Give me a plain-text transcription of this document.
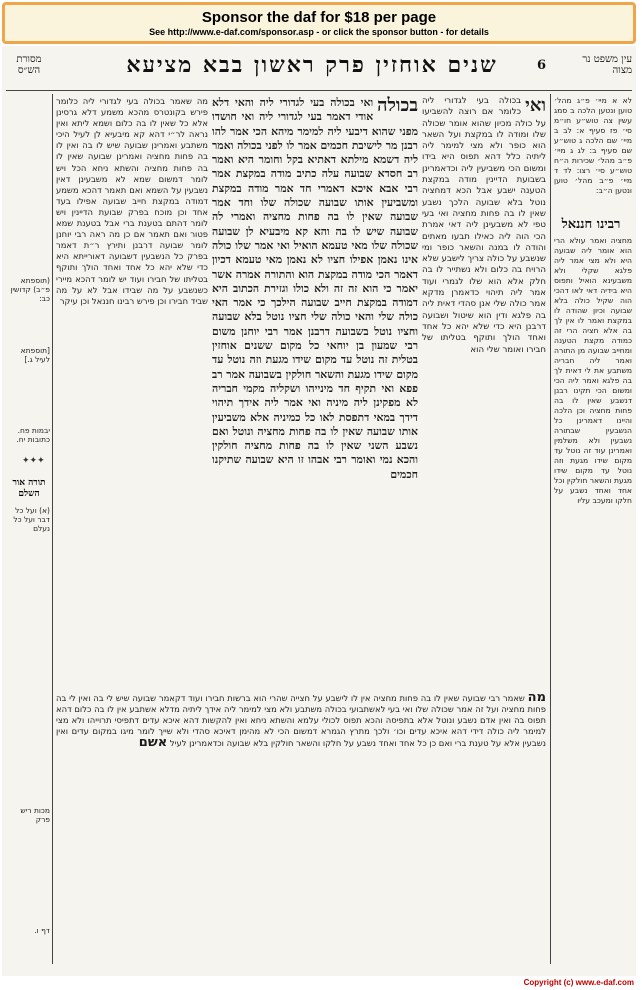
Sponsor the daf for $18 per page
See http://www.e-daf.com/sponsor.asp - or click the sponsor button - for details
עין משפט נר מצוה
6
שנים אוחזין פרק ראשון בבא מציעא
מסורת הש״ס
לא א מיי׳ פ״ג מהל׳ טוען ונטען הלכה ב סמג עשין צה טוש״ע חו״מ סי׳ פז סעיף א: לב ב מיי׳ שם הלכה ג טוש״ע שם סעיף ב: לג ג מיי׳ פ״ב מהל׳ שכירות ה״ח טוש״ע סי׳ רצו: לד ד מיי׳ פ״ב מהל׳ טוען ונטען ה״ב:
רבינו חננאל
מחציה ואמר עולא הרי הוא אומר ליה שבועה היא ולא מצי אמר ליה פלגא שקלי ולא משבעינא הואיל ותפוס היא בידיה דאי לאו דהכי הוה שקיל כולה בלא שבועה וכיון שהודה לו במקצת ואמר לו אין לך בה אלא חציה הרי זה כמודה מקצת הטענה ומחייב שבועה מן התורה ואמר ליה חבריה משתבע את לי דאית לך בה פלגא ואמר ליה הכי ומשום הכי תקינו רבנן דנשבע שאין לו בה פחות מחציה וכן הלכה והיינו דאמרינן כל הנשבעין שבתורה נשבעין ולא משלמין ואמרינן עוד זה נוטל עד מקום שידו מגעת וזה נוטל עד מקום שידו מגעת והשאר חולקין וכל אחד ואחד נשבע על חלקו ומעכב עליו
ואי
בכולה בעי לגדורי ליה כלומר אם רוצה להשביעו על כולה מכיון שהוא אומר שכולה שלו ומודה לו במקצת ועל השאר הוא כופר ולא מצי למימר ליה ליתיה כלל דהא תפוס היא בידו ומשום הכי משביעין ליה וכדאמרינן בשבועת הדיינין מודה במקצת הטענה ישבע אבל הכא דמחציה נוטל בלא שבועה הלכך נשבע שאין לו בה פחות מחציה ואי בעי טפי לא משבעינן ליה דאי אמרת הכי הוה ליה כאילו תבעו מאתים והודה לו במנה והשאר כופר ומי שנשבע על כולה צריך לישבע שלא הרויח בה כלום ולא נשתייר לו בה חלק אלא הוא שלו לגמרי ועוד אמר ליה תיהוי כדאמרן מדקא אמר כולה שלי אנן סהדי דאית ליה בה פלגא ודין הוא שיטול ושבועה דרבנן היא כדי שלא יהא כל אחד ואחד הולך ותוקף בטליתו של חבירו ואומר שלי הוא
בכולה
ואי בכולה בעי לגדורי ליה והאי דלא אודי דאמר בעי לגדורי ליה ואי חושדו מפני שהוא דיבעי ליה למימר מיהא הכי אמר להו רבנן מר לישיבת חכמים אמר לו לפני בכולה ואמר ליה דשמא מילתא דאתיא בקל וחומר היא ואמר רב חסדא שבועה עלה כתיב מודה במקצת אמר רבי אבא איכא דאמרי חד אמר מודה במקצת ומשביעין אותו שבועה שכולה שלו וחד אמר שבועה שאין לו בה פחות מחציה ואמרי לה שבועה שיש לו בה והא קא מיבעיא לן שבועה שכולה שלו מאי טעמא הואיל ואי אמר שלו כולה אינו נאמן אפילו חציו לא נאמן מאי טעמא דכיון דאמר הכי מודה במקצת הוא והתורה אמרה אשר יאמר כי הוא זה זה ולא כולו וגזירת הכתוב היא דמודה במקצת חייב שבועה הילכך כי אמר האי כולה שלי והאי כולה שלי חציו נוטל בלא שבועה וחציו נוטל בשבועה דרבנן אמר רבי יוחנן משום רבי שמעון בן יוחאי כל מקום ששנים אוחזין בטלית זה נוטל עד מקום שידו מגעת וזה נוטל עד מקום שידו מגעת והשאר חולקין בשבועה אמר רב פפא ואי תקיף חד מינייהו ושקליה מקמי חבריה לא מפקינן ליה מיניה ואי אמר ליה אידך תיהוי דידך במאי דתפסת לאו כל כמיניה אלא משביעין אותו שבועה שאין לו בה פחות מחציה ונוטל ואם נשבע השני שאין לו בה פחות מחציה חולקין והכא נמי ואומר רבי אבהו זו היא שבועה שתיקנו חכמים
מה שאמר בכולה בעי לגדורי ליה כלומר פירש בקונטרס מהכא משמע דלא גרסינן אלא כל שאין לו בה כלום ושמא ליתא ואין נראה לר״י דהא קא מיבעיא לן לעיל היכי משתבע ואמרינן שבועה שיש לו בה ואין לו בה פחות מחציה ואמרינן שבועה שאין לו בה פחות מחציה והשתא ניחא הכל ויש לומר דמשום שמא לא משבעינן דאין נשבעין על השמא ואם תאמר דהכא משמע דמודה במקצת חייב שבועה אפילו בעד אחד וכן מוכח בפרק שבועת הדיינין ויש לומר דהתם בטענת ברי אבל בטענת שמא פטור ואם תאמר אם כן מה ראה רבי יוחנן לומר שבועה דרבנן ותירץ ר״ת דאמר בפרק כל הנשבעין דשבועה דאורייתא היא כדי שלא יהא כל אחד ואחד הולך ותוקף בטליתו של חבירו ועוד יש לומר דהכא מיירי כשנשבע על מה שבידו אבל לא על מה שביד חבירו וכן פירש רבינו חננאל וכן עיקר
מה שאמר רבי שבועה שאין לו בה פחות מחציה אין לו לישבע על חצייה שהרי הוא ברשות חבירו ועוד דקאמר שבועה שיש לי בה ואין לי בה פחות מחציה ועל זה אמר שכולה שלו ואי בעי לאשתבועי בכולה משתבע ולא מצי למימר ליה אידך ליתיה מדלא אשתבע אין לו בה כלום דהא תפוס בה ואין אדם נשבע ונוטל אלא בתפיסה והכא תפוס לכולי עלמא והשתא ניחא ואין להקשות דהא איכא עדים דתפיסי תרוייהו ולא מצי למימר ליה כולה דידי דהא איכא עדים וכו׳ ולכך מתרץ הגמרא דמשום הכי לא מהימן דאיכא סהדי ולא שייך לומר מיגו במקום עדים ואין נשבעין אלא על טענת ברי ואם כן כל אחד ואחד נשבע על חלקו והשאר חולקין בלא שבועה וכדאמרינן לעיל אשם
(תוספתא פ״ב) קדושין כב:
[תוספתא לעיל ג.]
יבמות פח. כתובות יח.
✦✦✦
תורה אור השלם
(א) ועל כל דבר ועל כל נעלם
מכות ריש פרק
דף ו.
Copyright (c) www.e-daf.com
